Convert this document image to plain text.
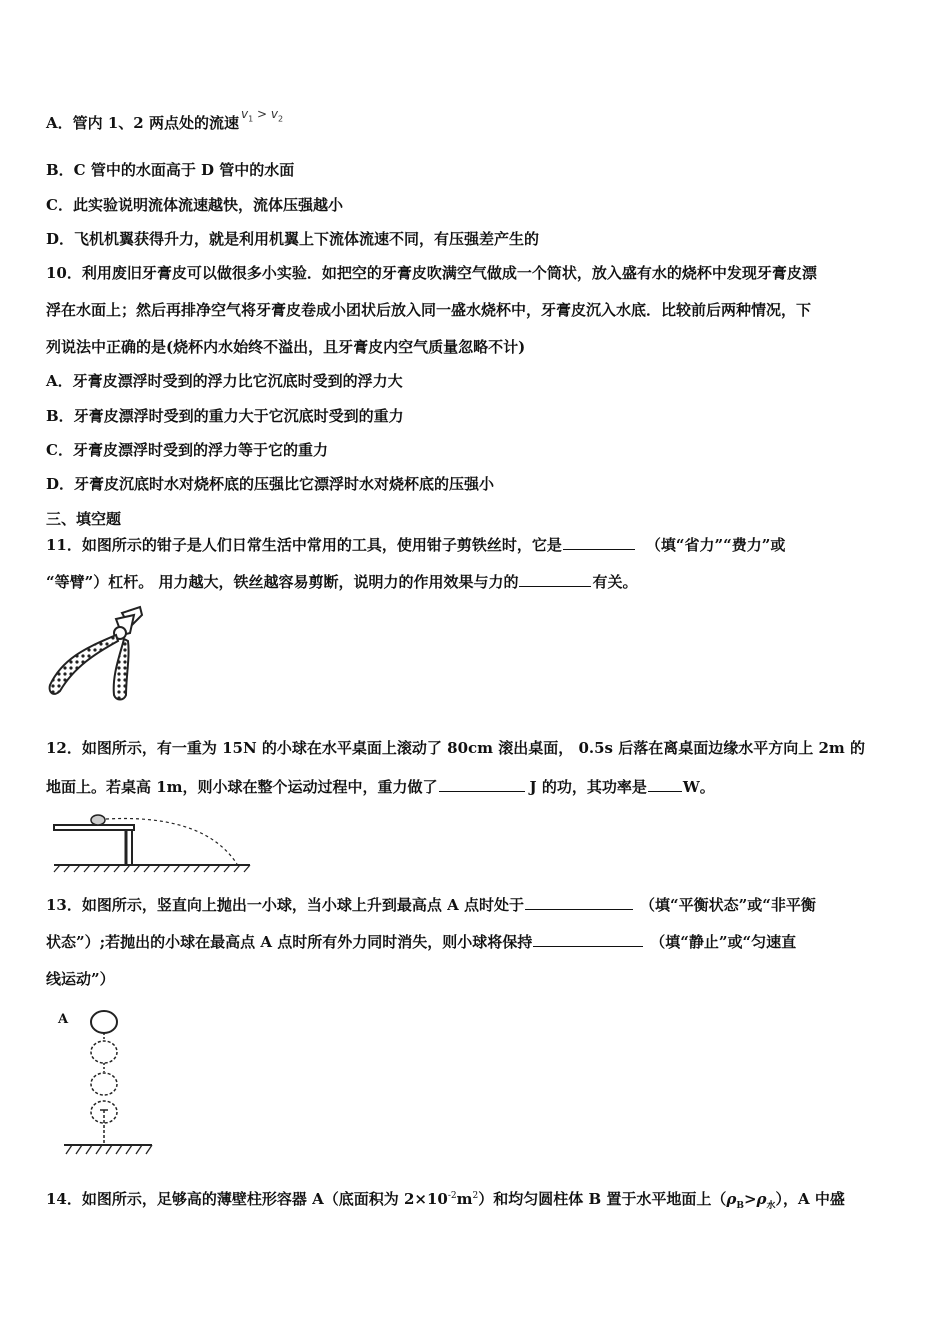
A．管内 1、2 两点处的流速 $^{v_1 > v_2}$
B．C 管中的水面高于 D 管中的水面
C．此实验说明流体流速越快，流体压强越小
D．飞机机翼获得升力，就是利用机翼上下流体流速不同，有压强差产生的
10．利用废旧牙膏皮可以做很多小实验．如把空的牙膏皮吹满空气做成一个筒状，放入盛有水的烧杯中发现牙膏皮漂
浮在水面上；然后再排净空气将牙膏皮卷成小团状后放入同一盛水烧杯中，牙膏皮沉入水底．比较前后两种情况，下
列说法中正确的是(烧杯内水始终不溢出，且牙膏皮内空气质量忽略不计)
A．牙膏皮漂浮时受到的浮力比它沉底时受到的浮力大
B．牙膏皮漂浮时受到的重力大于它沉底时受到的重力
C．牙膏皮漂浮时受到的浮力等于它的重力
D．牙膏皮沉底时水对烧杯底的压强比它漂浮时水对烧杯底的压强小
三、填空题
11．如图所示的钳子是人们日常生活中常用的工具，使用钳子剪铁丝时，它是	（填“省力”“费力”或
“等臂”）杠杆。 用力越大，铁丝越容易剪断，说明力的作用效果与力的	有关。
12．如图所示，有一重为 15N 的小球在水平桌面上滚动了 80cm 滚出桌面， 0.5s 后落在离桌面边缘水平方向上 2m 的
地面上。若桌高 1m，则小球在整个运动过程中，重力做了	J 的功，其功率是 W。
13．如图所示，竖直向上抛出一小球，当小球上升到最高点 A 点时处于	（填“平衡状态”或“非平衡
状态”）;若抛出的小球在最高点 A 点时所有外力同时消失，则小球将保持	（填“静止”或“匀速直
线运动”）
A
14．如图所示，足够高的薄壁柱形容器 A（底面积为 $2\times 10^{-2}m^2$）和均匀圆柱体 B 置于水平地面上$(\rho_B>\rho_水)$，A 中盛
